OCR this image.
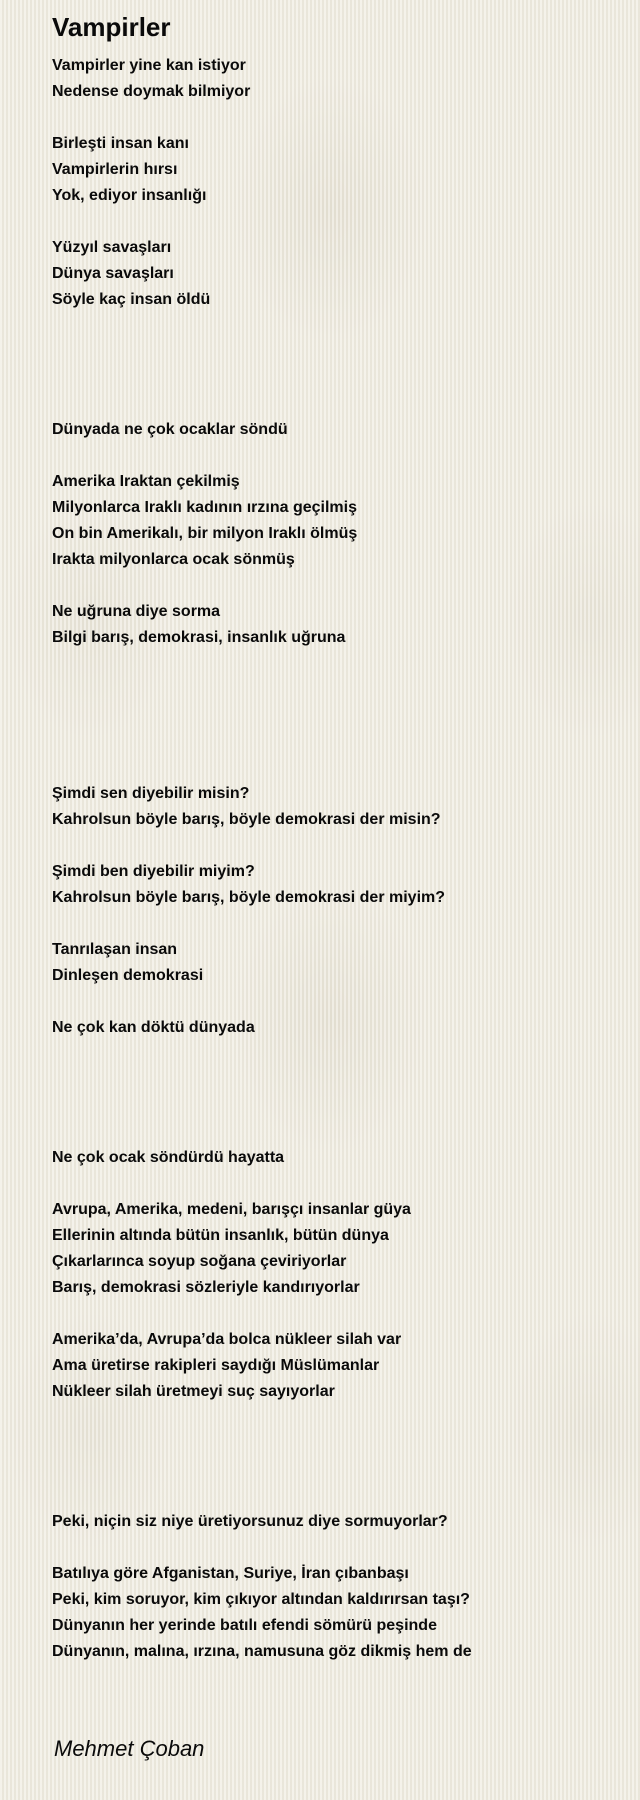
Vampirler
Vampirler yine kan istiyor
Nedense doymak bilmiyor
Birleşti insan kanı
Vampirlerin hırsı
Yok, ediyor insanlığı
Yüzyıl savaşları
Dünya savaşları
Söyle kaç insan öldü
Dünyada ne çok ocaklar söndü
Amerika Iraktan çekilmiş
Milyonlarca Iraklı kadının ırzına geçilmiş
On bin Amerikalı, bir milyon Iraklı ölmüş
Irakta milyonlarca ocak sönmüş
Ne uğruna diye sorma
Bilgi barış, demokrasi, insanlık uğruna
Şimdi sen diyebilir misin?
Kahrolsun böyle barış, böyle demokrasi der misin?
Şimdi ben diyebilir miyim?
Kahrolsun böyle barış, böyle demokrasi der miyim?
Tanrılaşan insan
Dinleşen demokrasi
Ne çok kan döktü dünyada
Ne çok ocak söndürdü hayatta
Avrupa, Amerika, medeni, barışçı insanlar güya
Ellerinin altında bütün insanlık, bütün dünya
Çıkarlarınca soyup soğana çeviriyorlar
Barış, demokrasi sözleriyle kandırıyorlar
Amerika’da, Avrupa’da bolca nükleer silah var
Ama üretirse rakipleri saydığı Müslümanlar
Nükleer silah üretmeyi suç sayıyorlar
Peki, niçin siz niye üretiyorsunuz diye sormuyorlar?
Batılıya göre Afganistan, Suriye, İran çıbanbaşı
Peki, kim soruyor, kim çıkıyor altından kaldırırsan taşı?
Dünyanın her yerinde batılı efendi sömürü peşinde
Dünyanın, malına, ırzına, namusuna göz dikmiş hem de
Mehmet Çoban
